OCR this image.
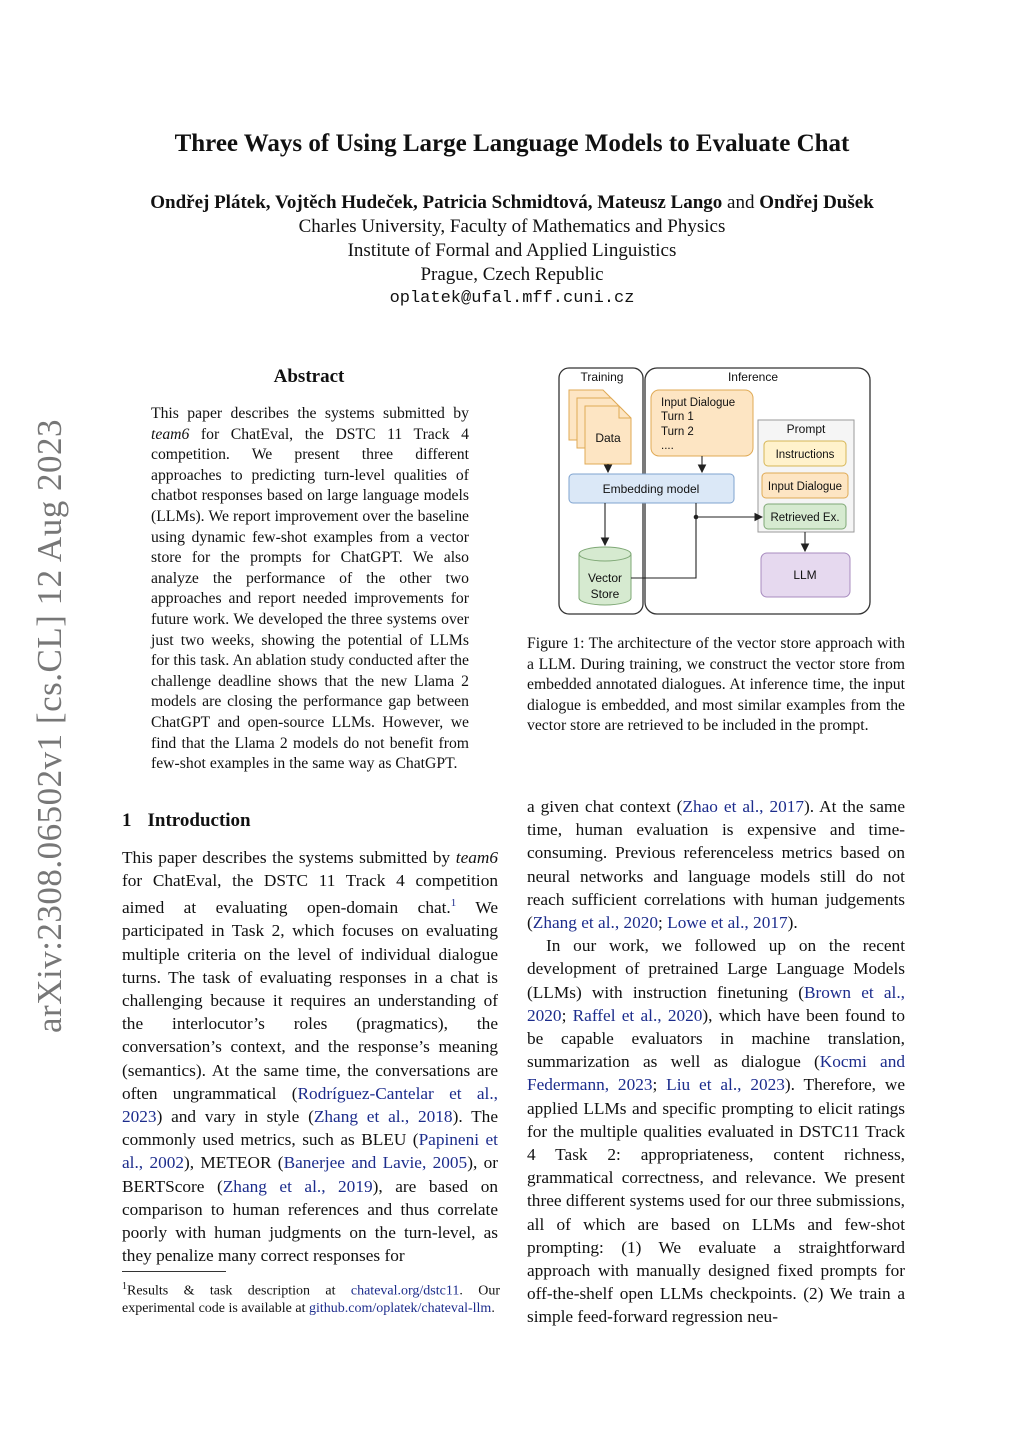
Three Ways of Using Large Language Models to Evaluate Chat
Ondřej Plátek, Vojtěch Hudeček, Patricia Schmidtová, Mateusz Lango and Ondřej Dušek
Charles University, Faculty of Mathematics and Physics
Institute of Formal and Applied Linguistics
Prague, Czech Republic
oplatek@ufal.mff.cuni.cz
arXiv:2308.06502v1 [cs.CL] 12 Aug 2023
Abstract
This paper describes the systems submitted by team6 for ChatEval, the DSTC 11 Track 4 competition. We present three different approaches to predicting turn-level qualities of chatbot responses based on large language models (LLMs). We report improvement over the baseline using dynamic few-shot examples from a vector store for the prompts for ChatGPT. We also analyze the performance of the other two approaches and report needed improvements for future work. We developed the three systems over just two weeks, showing the potential of LLMs for this task. An ablation study conducted after the challenge deadline shows that the new Llama 2 models are closing the performance gap between ChatGPT and open-source LLMs. However, we find that the Llama 2 models do not benefit from few-shot examples in the same way as ChatGPT.
1 Introduction

This paper describes the systems submitted by team6 for ChatEval, the DSTC 11 Track 4 competition aimed at evaluating open-domain chat.$^1$ We participated in Task 2, which focuses on evaluating multiple criteria on the level of individual dialogue turns. The task of evaluating responses in a chat is challenging because it requires an understanding of the interlocutor’s roles (pragmatics), the conversation’s context, and the response’s meaning (semantics). At the same time, the conversations are often ungrammatical (Rodríguez-Cantelar et al., 2023) and vary in style (Zhang et al., 2018). The commonly used metrics, such as BLEU (Papineni et al., 2002), METEOR (Banerjee and Lavie, 2005), or BERTScore (Zhang et al., 2019), are based on comparison to human references and thus correlate poorly with human judgments on the turn-level, as they penalize many correct responses for

$^1$Results & task description at chateval.org/dstc11. Our experimental code is available at github.com/oplatek/chateval-llm.
Training	Inference
Data
Input Dialogue
Turn 1
Turn 2
....
Prompt
Instructions
Input Dialogue
Retrieved Ex.
Embedding model
Vector
Store
LLM
Figure 1: The architecture of the vector store approach with a LLM. During training, we construct the vector store from embedded annotated dialogues. At inference time, the input dialogue is embedded, and most similar examples from the vector store are retrieved to be included in the prompt.

a given chat context (Zhao et al., 2017). At the same time, human evaluation is expensive and time-consuming. Previous referenceless metrics based on neural networks and language models still do not reach sufficient correlations with human judgements (Zhang et al., 2020; Lowe et al., 2017).

In our work, we followed up on the recent development of pretrained Large Language Models (LLMs) with instruction finetuning (Brown et al., 2020; Raffel et al., 2020), which have been found to be capable evaluators in machine translation, summarization as well as dialogue (Kocmi and Federmann, 2023; Liu et al., 2023). Therefore, we applied LLMs and specific prompting to elicit ratings for the multiple qualities evaluated in DSTC11 Track 4 Task 2: appropriateness, content richness, grammatical correctness, and relevance. We present three different systems used for our three submissions, all of which are based on LLMs and few-shot prompting: (1) We evaluate a straightforward approach with manually designed fixed prompts for off-the-shelf open LLMs checkpoints. (2) We train a simple feed-forward regression neu-
